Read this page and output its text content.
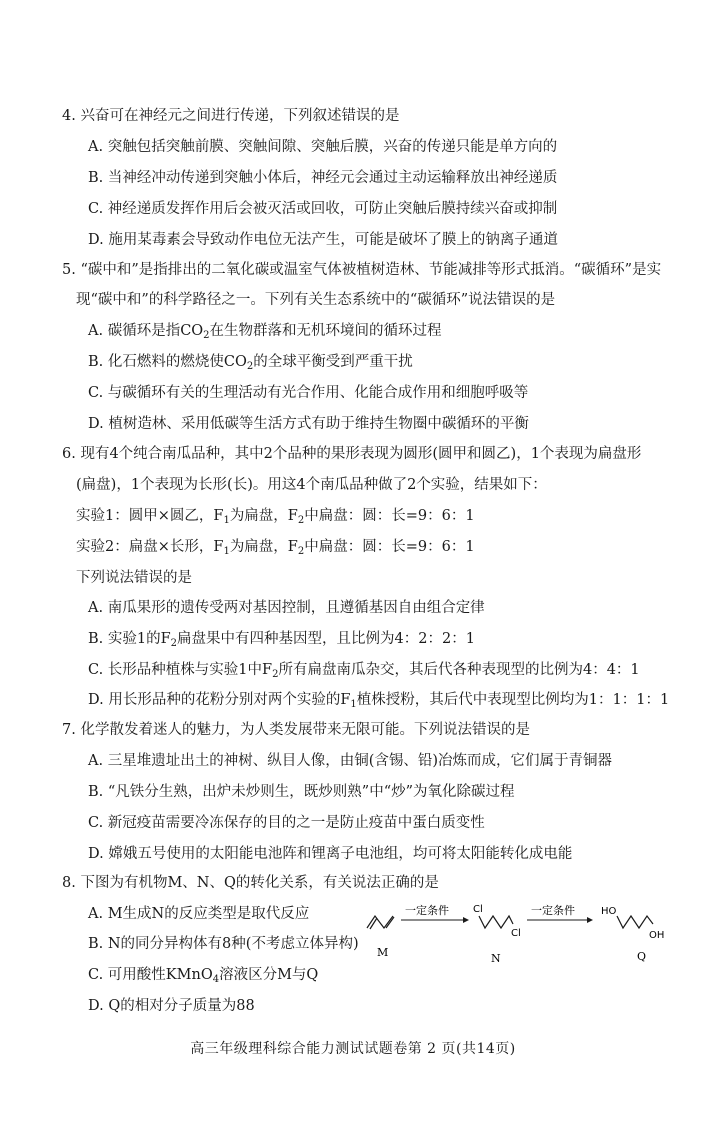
4. 兴奋可在神经元之间进行传递，下列叙述错误的是
A. 突触包括突触前膜、突触间隙、突触后膜，兴奋的传递只能是单方向的
B. 当神经冲动传递到突触小体后，神经元会通过主动运输释放出神经递质
C. 神经递质发挥作用后会被灭活或回收，可防止突触后膜持续兴奋或抑制
D. 施用某毒素会导致动作电位无法产生，可能是破坏了膜上的钠离子通道
5. “碳中和”是指排出的二氧化碳或温室气体被植树造林、节能减排等形式抵消。“碳循环”是实
现“碳中和”的科学路径之一。下列有关生态系统中的“碳循环”说法错误的是
A. 碳循环是指$CO_2$在生物群落和无机环境间的循环过程
B. 化石燃料的燃烧使$CO_2$的全球平衡受到严重干扰
C. 与碳循环有关的生理活动有光合作用、化能合成作用和细胞呼吸等
D. 植树造林、采用低碳等生活方式有助于维持生物圈中碳循环的平衡
6. 现有4个纯合南瓜品种，其中2个品种的果形表现为圆形(圆甲和圆乙)，1个表现为扁盘形
(扁盘)，1个表现为长形(长)。用这4个南瓜品种做了2个实验，结果如下：
实验1：圆甲×圆乙，$F_1$为扁盘，$F_2$中扁盘：圆：长=9：6：1
实验2：扁盘×长形，$F_1$为扁盘，$F_2$中扁盘：圆：长=9：6：1
下列说法错误的是
A. 南瓜果形的遗传受两对基因控制，且遵循基因自由组合定律
B. 实验1的$F_2$扁盘果中有四种基因型，且比例为4：2：2：1
C. 长形品种植株与实验1中$F_2$所有扁盘南瓜杂交，其后代各种表现型的比例为4：4：1
D. 用长形品种的花粉分别对两个实验的$F_1$植株授粉，其后代中表现型比例均为1：1：1：1
7. 化学散发着迷人的魅力，为人类发展带来无限可能。下列说法错误的是
A. 三星堆遗址出土的神树、纵目人像，由铜(含锡、铅)冶炼而成，它们属于青铜器
B. “凡铁分生熟，出炉未炒则生，既炒则熟”中“炒”为氧化除碳过程
C. 新冠疫苗需要冷冻保存的目的之一是防止疫苗中蛋白质变性
D. 嫦娥五号使用的太阳能电池阵和锂离子电池组，均可将太阳能转化成电能
8. 下图为有机物M、N、Q的转化关系，有关说法正确的是
A. M生成N的反应类型是取代反应
B. N的同分异构体有8种(不考虑立体异构)
C. 可用酸性KMnO$_4$溶液区分M与Q
D. Q的相对分子质量为88
M
一定条件 Cl
Cl
N
一定条件	HO
OH
Q
高三年级理科综合能力测试试题卷第 2 页(共14页)
